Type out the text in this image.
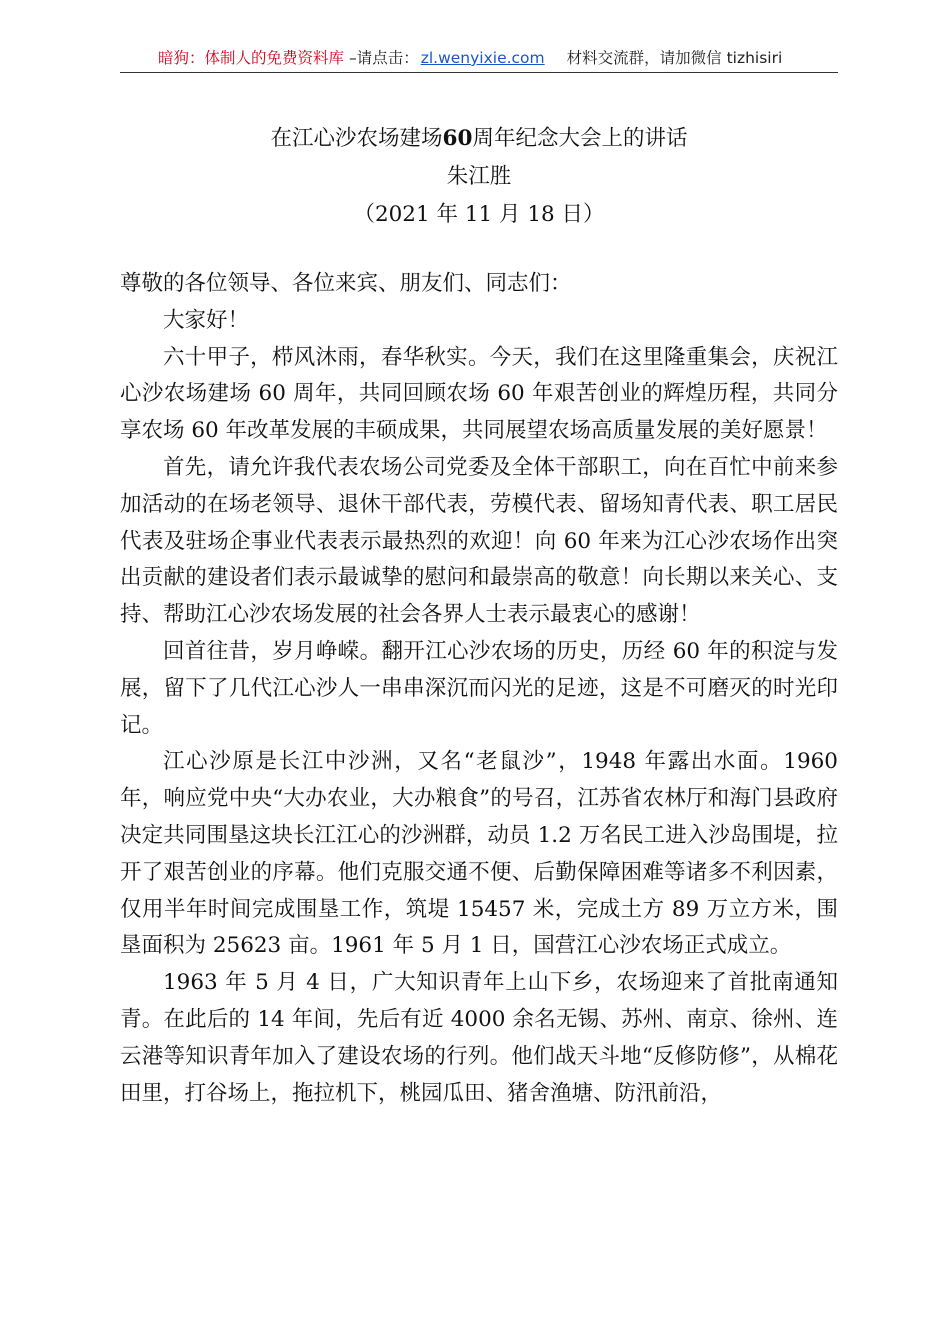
暗狗：体制人的免费资料库 –请点击： zl.wenyixie.com 材料交流群，请加微信 tizhisiri
在江心沙农场建场60周年纪念大会上的讲话
朱江胜
（2021 年 11 月 18 日）

尊敬的各位领导、各位来宾、朋友们、同志们：

大家好！

六十甲子，栉风沐雨，春华秋实。今天，我们在这里隆重集会，庆祝江心沙农场建场 60 周年，共同回顾农场 60 年艰苦创业的辉煌历程，共同分享农场 60 年改革发展的丰硕成果，共同展望农场高质量发展的美好愿景！

首先，请允许我代表农场公司党委及全体干部职工，向在百忙中前来参加活动的在场老领导、退休干部代表，劳模代表、留场知青代表、职工居民代表及驻场企事业代表表示最热烈的欢迎！向 60 年来为江心沙农场作出突出贡献的建设者们表示最诚挚的慰问和最崇高的敬意！向长期以来关心、支持、帮助江心沙农场发展的社会各界人士表示最衷心的感谢！

回首往昔，岁月峥嵘。翻开江心沙农场的历史，历经 60 年的积淀与发展，留下了几代江心沙人一串串深沉而闪光的足迹，这是不可磨灭的时光印记。

江心沙原是长江中沙洲，又名“老鼠沙”，1948 年露出水面。1960 年，响应党中央“大办农业，大办粮食”的号召，江苏省农林厅和海门县政府决定共同围垦这块长江江心的沙洲群，动员 1.2 万名民工进入沙岛围堤，拉开了艰苦创业的序幕。他们克服交通不便、后勤保障困难等诸多不利因素，仅用半年时间完成围垦工作，筑堤 15457 米，完成土方 89 万立方米，围垦面积为 25623 亩。1961 年 5 月 1 日，国营江心沙农场正式成立。

1963 年 5 月 4 日，广大知识青年上山下乡，农场迎来了首批南通知青。在此后的 14 年间，先后有近 4000 余名无锡、苏州、南京、徐州、连云港等知识青年加入了建设农场的行列。他们战天斗地“反修防修”，从棉花田里，打谷场上，拖拉机下，桃园瓜田、猪舍渔塘、防汛前沿，
